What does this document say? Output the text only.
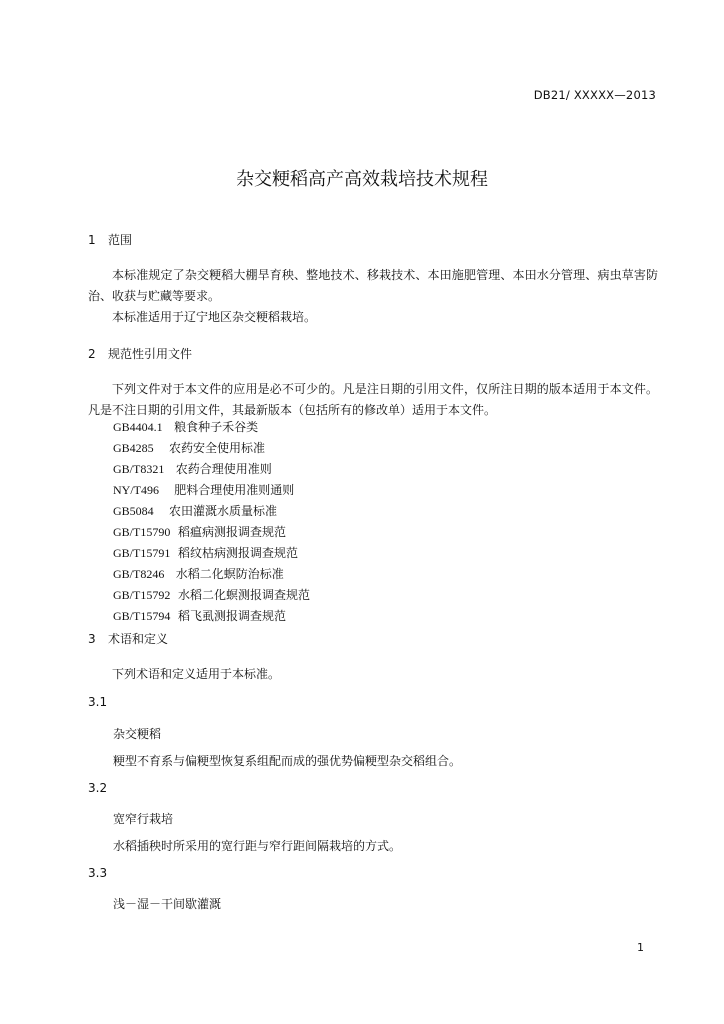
DB21/ XXXXX—2013
杂交粳稻高产高效栽培技术规程
1 范围
本标准规定了杂交粳稻大棚旱育秧、整地技术、移栽技术、本田施肥管理、本田水分管理、病虫草害防治、收获与贮藏等要求。
本标准适用于辽宁地区杂交粳稻栽培。
2 规范性引用文件
下列文件对于本文件的应用是必不可少的。凡是注日期的引用文件，仅所注日期的版本适用于本文件。凡是不注日期的引用文件，其最新版本（包括所有的修改单）适用于本文件。
GB4404.1 粮食种子禾谷类
GB4285 农药安全使用标准
GB/T8321 农药合理使用准则
NY/T496 肥料合理使用准则通则
GB5084 农田灌溉水质量标准
GB/T15790 稻瘟病测报调查规范
GB/T15791 稻纹枯病测报调查规范
GB/T8246 水稻二化螟防治标准
GB/T15792 水稻二化螟测报调查规范
GB/T15794 稻飞虱测报调查规范
3 术语和定义
下列术语和定义适用于本标准。
3.1
杂交粳稻
粳型不育系与偏粳型恢复系组配而成的强优势偏粳型杂交稻组合。
3.2
宽窄行栽培
水稻插秧时所采用的宽行距与窄行距间隔栽培的方式。
3.3
浅－湿－干间歇灌溉
1
